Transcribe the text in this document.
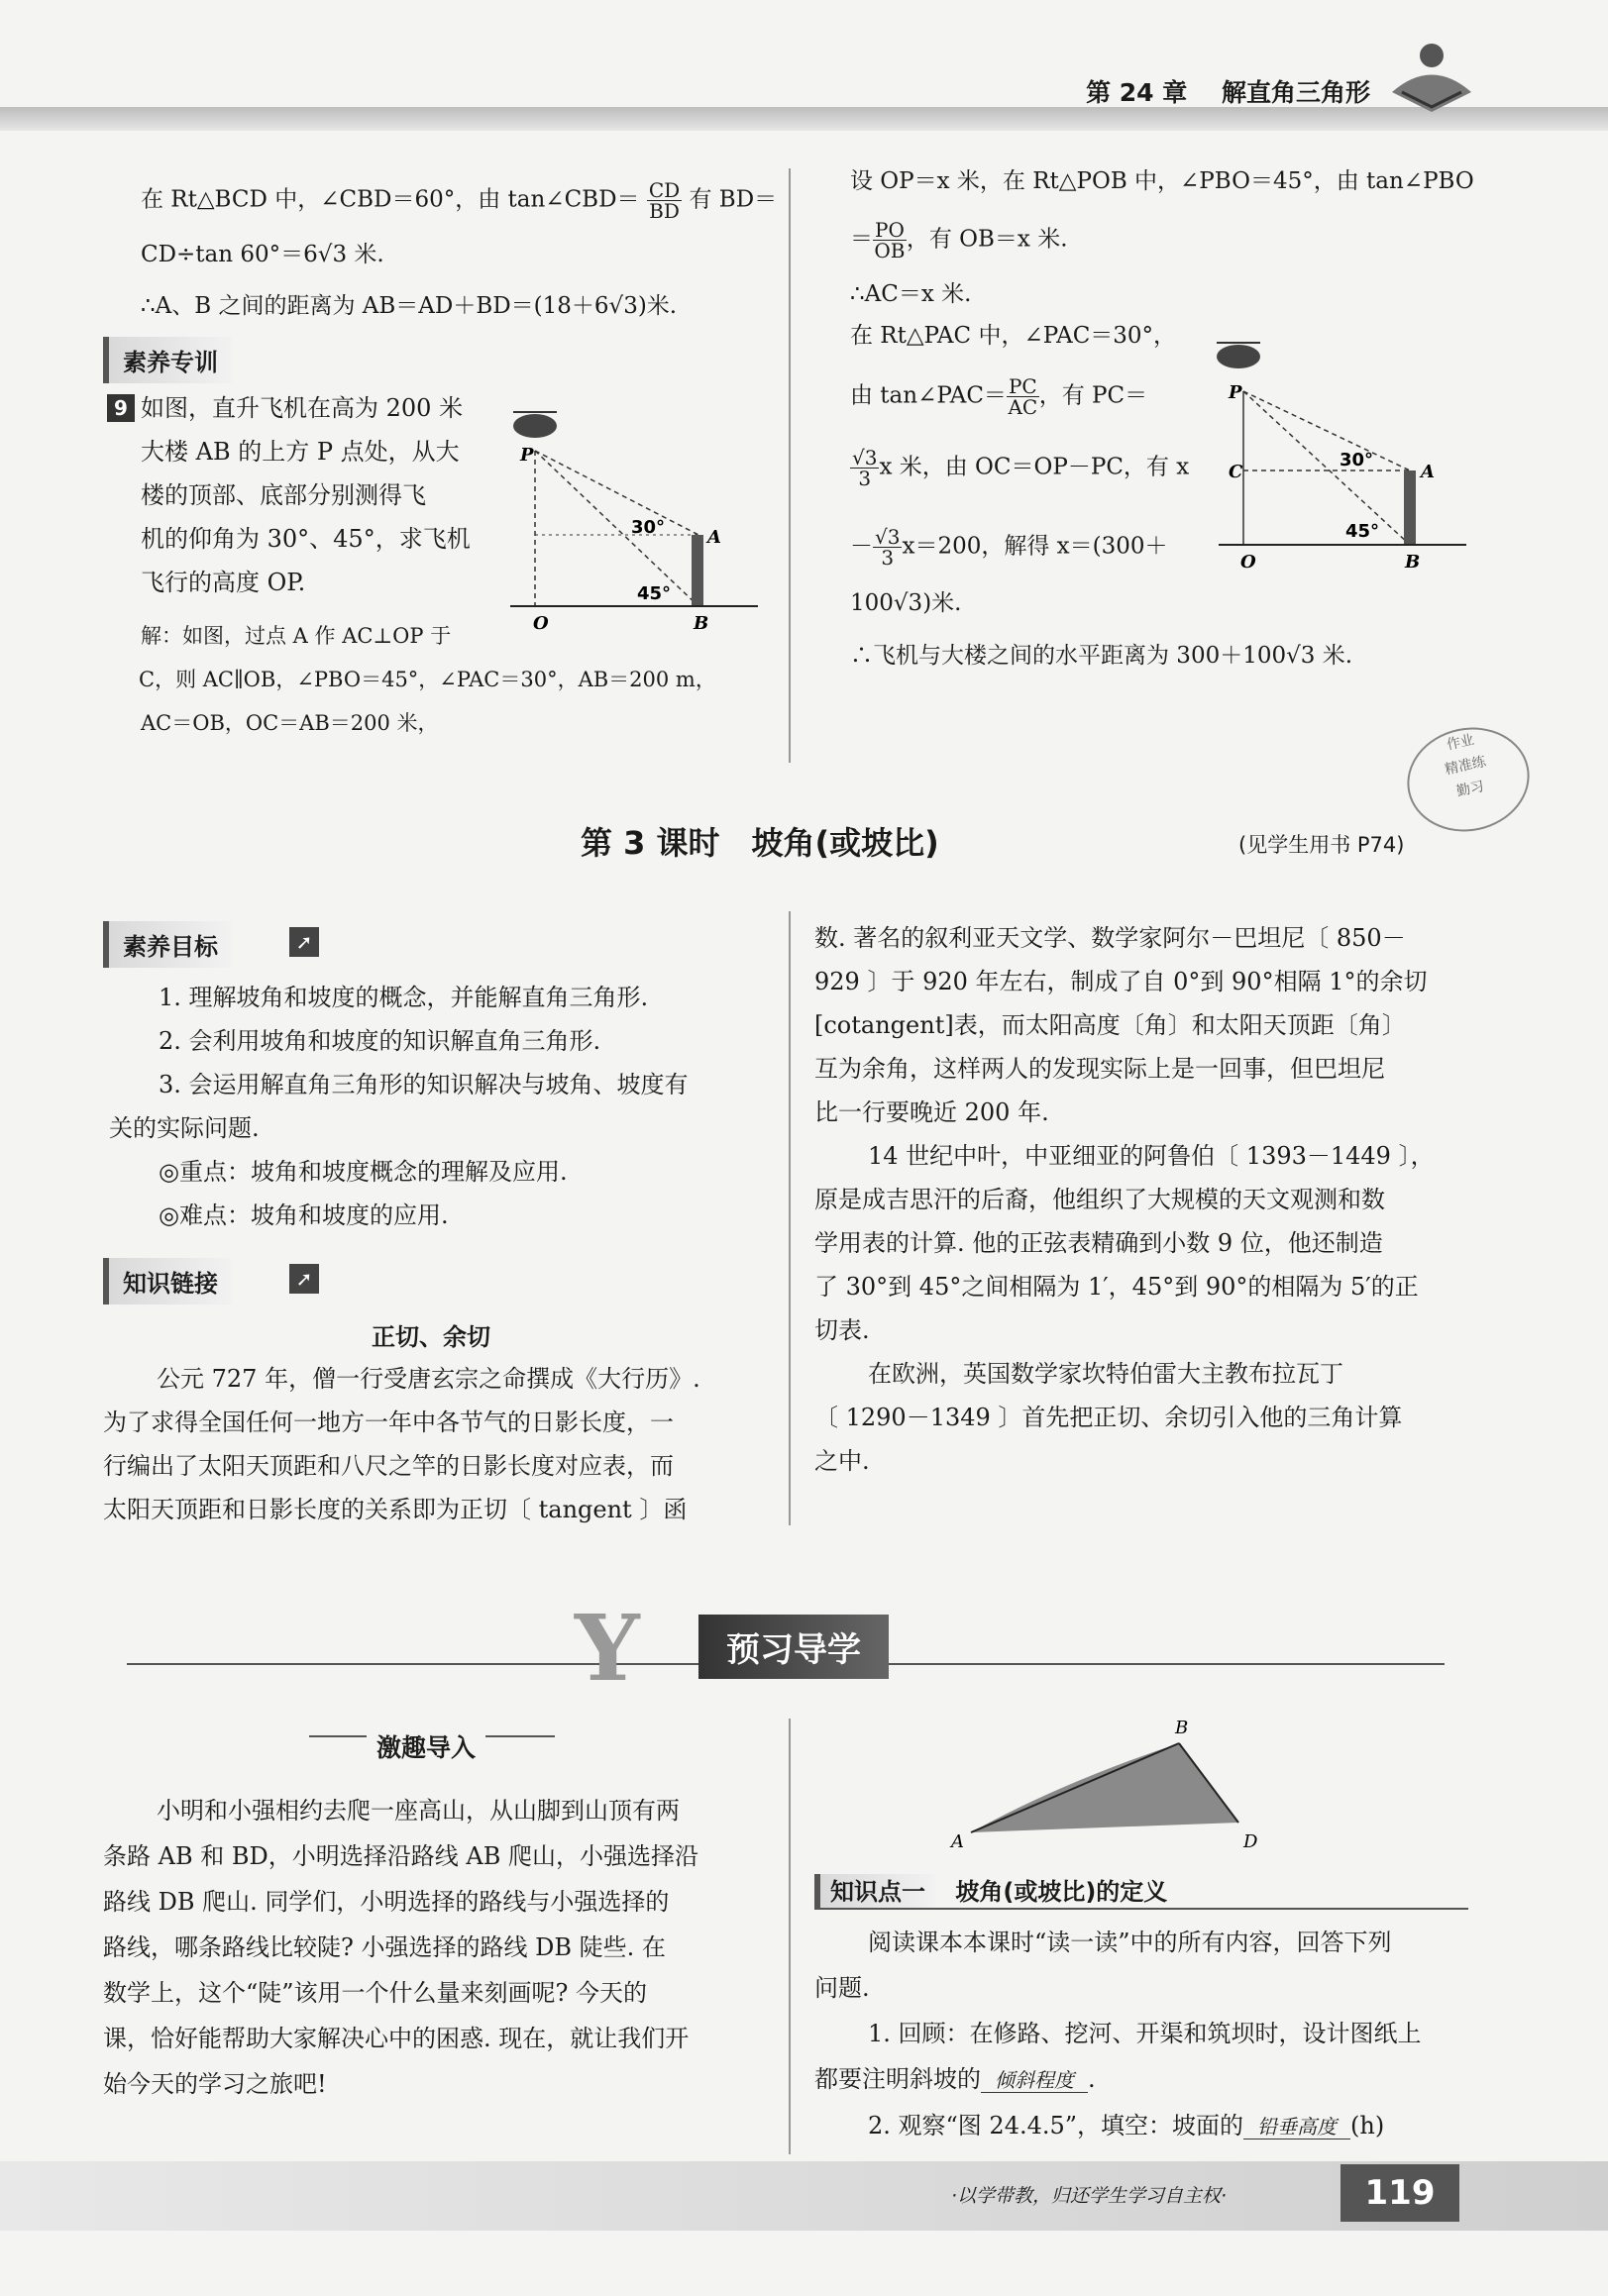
第 24 章 解直角三角形
在 Rt△BCD 中，∠CBD＝60°，由 tan∠CBD＝ $\frac{CD}{BD}$ 有 BD＝
CD÷tan 60°＝6√3 米.
∴A、B 之间的距离为 AB＝AD＋BD＝(18＋6√3)米.
素养专训
9 如图，直升飞机在高为 200 米
大楼 AB 的上方 P 点处，从大
楼的顶部、底部分别测得飞
机的仰角为 30°、45°，求飞机
飞行的高度 OP.
解：如图，过点 A 作 AC⊥OP 于
C，则 AC∥OB，∠PBO＝45°，∠PAC＝30°，AB＝200 m，
AC＝OB，OC＝AB＝200 米，
P
O
A
B
30°
45°
设 OP＝x 米，在 Rt△POB 中，∠PBO＝45°，由 tan∠PBO
＝ $\frac{PO}{OB}$ ，有 OB＝x 米.
∴AC＝x 米.
在 Rt△PAC 中，∠PAC＝30°，
由 tan∠PAC＝ $\frac{PC}{AC}$ ，有 PC＝
$\frac{√3}{3}$ x 米，由 OC＝OP－PC，有 x
－ $\frac{√3}{3} x=200$，解得 x＝(300＋
100√3)米.
∴飞机与大楼之间的水平距离为 300＋100√3 米.
P
C	A
O	B
30°
45°
作业
精准练
勤习
第 3 课时　坡角(或坡比)	(见学生用书 P74)
素养目标	➚
1. 理解坡角和坡度的概念，并能解直角三角形.
2. 会利用坡角和坡度的知识解直角三角形.
3. 会运用解直角三角形的知识解决与坡角、坡度有
关的实际问题.
◎重点：坡角和坡度概念的理解及应用.
◎难点：坡角和坡度的应用.
知识链接	➚
正切、余切
公元 727 年，僧一行受唐玄宗之命撰成《大行历》.
为了求得全国任何一地方一年中各节气的日影长度，一
行编出了太阳天顶距和八尺之竿的日影长度对应表，而
太阳天顶距和日影长度的关系即为正切〔 tangent 〕函
数. 著名的叙利亚天文学、数学家阿尔－巴坦尼〔 850－
929 〕于 920 年左右，制成了自 0°到 90°相隔 1°的余切
[cotangent]表，而太阳高度〔角〕和太阳天顶距〔角〕
互为余角，这样两人的发现实际上是一回事，但巴坦尼
比一行要晚近 200 年.
14 世纪中叶，中亚细亚的阿鲁伯〔 1393－1449 〕，
原是成吉思汗的后裔，他组织了大规模的天文观测和数
学用表的计算. 他的正弦表精确到小数 9 位，他还制造
了 30°到 45°之间相隔为 1′，45°到 90°的相隔为 5′的正
切表.
在欧洲，英国数学家坎特伯雷大主教布拉瓦丁
〔 1290－1349 〕首先把正切、余切引入他的三角计算
之中.
Y	预习导学
激趣导入
小明和小强相约去爬一座高山，从山脚到山顶有两
条路 AB 和 BD，小明选择沿路线 AB 爬山，小强选择沿
路线 DB 爬山. 同学们，小明选择的路线与小强选择的
路线，哪条路线比较陡? 小强选择的路线 DB 陡些. 在
数学上，这个“陡”该用一个什么量来刻画呢? 今天的
课，恰好能帮助大家解决心中的困惑. 现在，就让我们开
始今天的学习之旅吧!
B
A	D
知识点一 坡角(或坡比)的定义
阅读课本本课时“读一读”中的所有内容，回答下列
问题.
1. 回顾：在修路、挖河、开渠和筑坝时，设计图纸上
都要注明斜坡的 倾斜程度 .
2. 观察“图 24.4.5”，填空：坡面的 铅垂高度 (h)
·以学带教，归还学生学习自主权·	119
